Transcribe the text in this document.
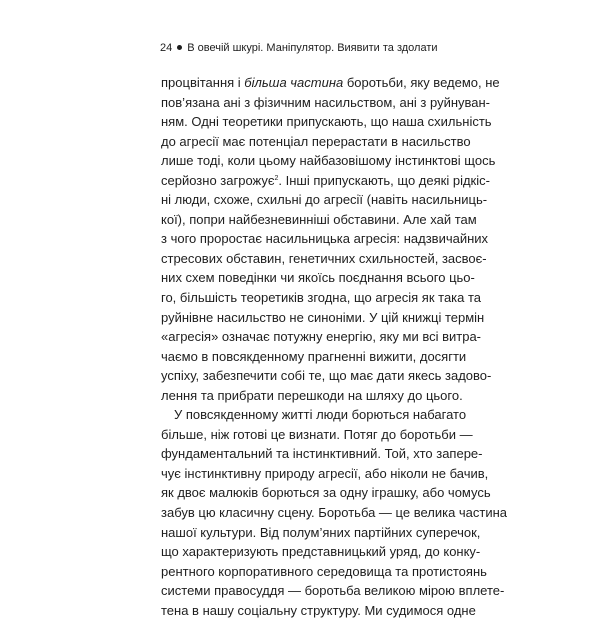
24 В овечій шкурі. Маніпулятор. Виявити та здолати
процвітання і більша частина боротьби, яку ведемо, не
пов’язана ані з фізичним насильством, ані з руйнуван-
ням. Одні теоретики припускають, що наша схильність
до агресії має потенціал перерастати в насильство
лише тоді, коли цьому найбазовішому інстинктові щось
серйозно загрожує$^2$. Інші припускають, що деякі рідкіс-
ні люди, схоже, схильні до агресії (навіть насильниць-
кої), попри найбезневинніші обставини. Але хай там
з чого проростає насильницька агресія: надзвичайних
стресових обставин, генетичних схильностей, засвоє-
них схем поведінки чи якоїсь поєднання всього цьо-
го, більшість теоретиків згодна, що агресія як така та
руйнівне насильство не синоніми. У цій книжці термін
«агресія» означає потужну енергію, яку ми всі витра-
чаємо в повсякденному прагненні вижити, досягти
успіху, забезпечити собі те, що має дати якесь задово-
лення та прибрати перешкоди на шляху до цього.
У повсякденному житті люди борються набагато
більше, ніж готові це визнати. Потяг до боротьби —
фундаментальний та інстинктивний. Той, хто запере-
чує інстинктивну природу агресії, або ніколи не бачив,
як двоє малюків борються за одну іграшку, або чомусь
забув цю класичну сцену. Боротьба — це велика частина
нашої культури. Від полум’яних партійних суперечок,
що характеризують представницький уряд, до конку-
рентного корпоративного середовища та протистоянь
системи правосуддя — боротьба великою мірою вплете-
тена в нашу соціальну структуру. Ми судимося одне
